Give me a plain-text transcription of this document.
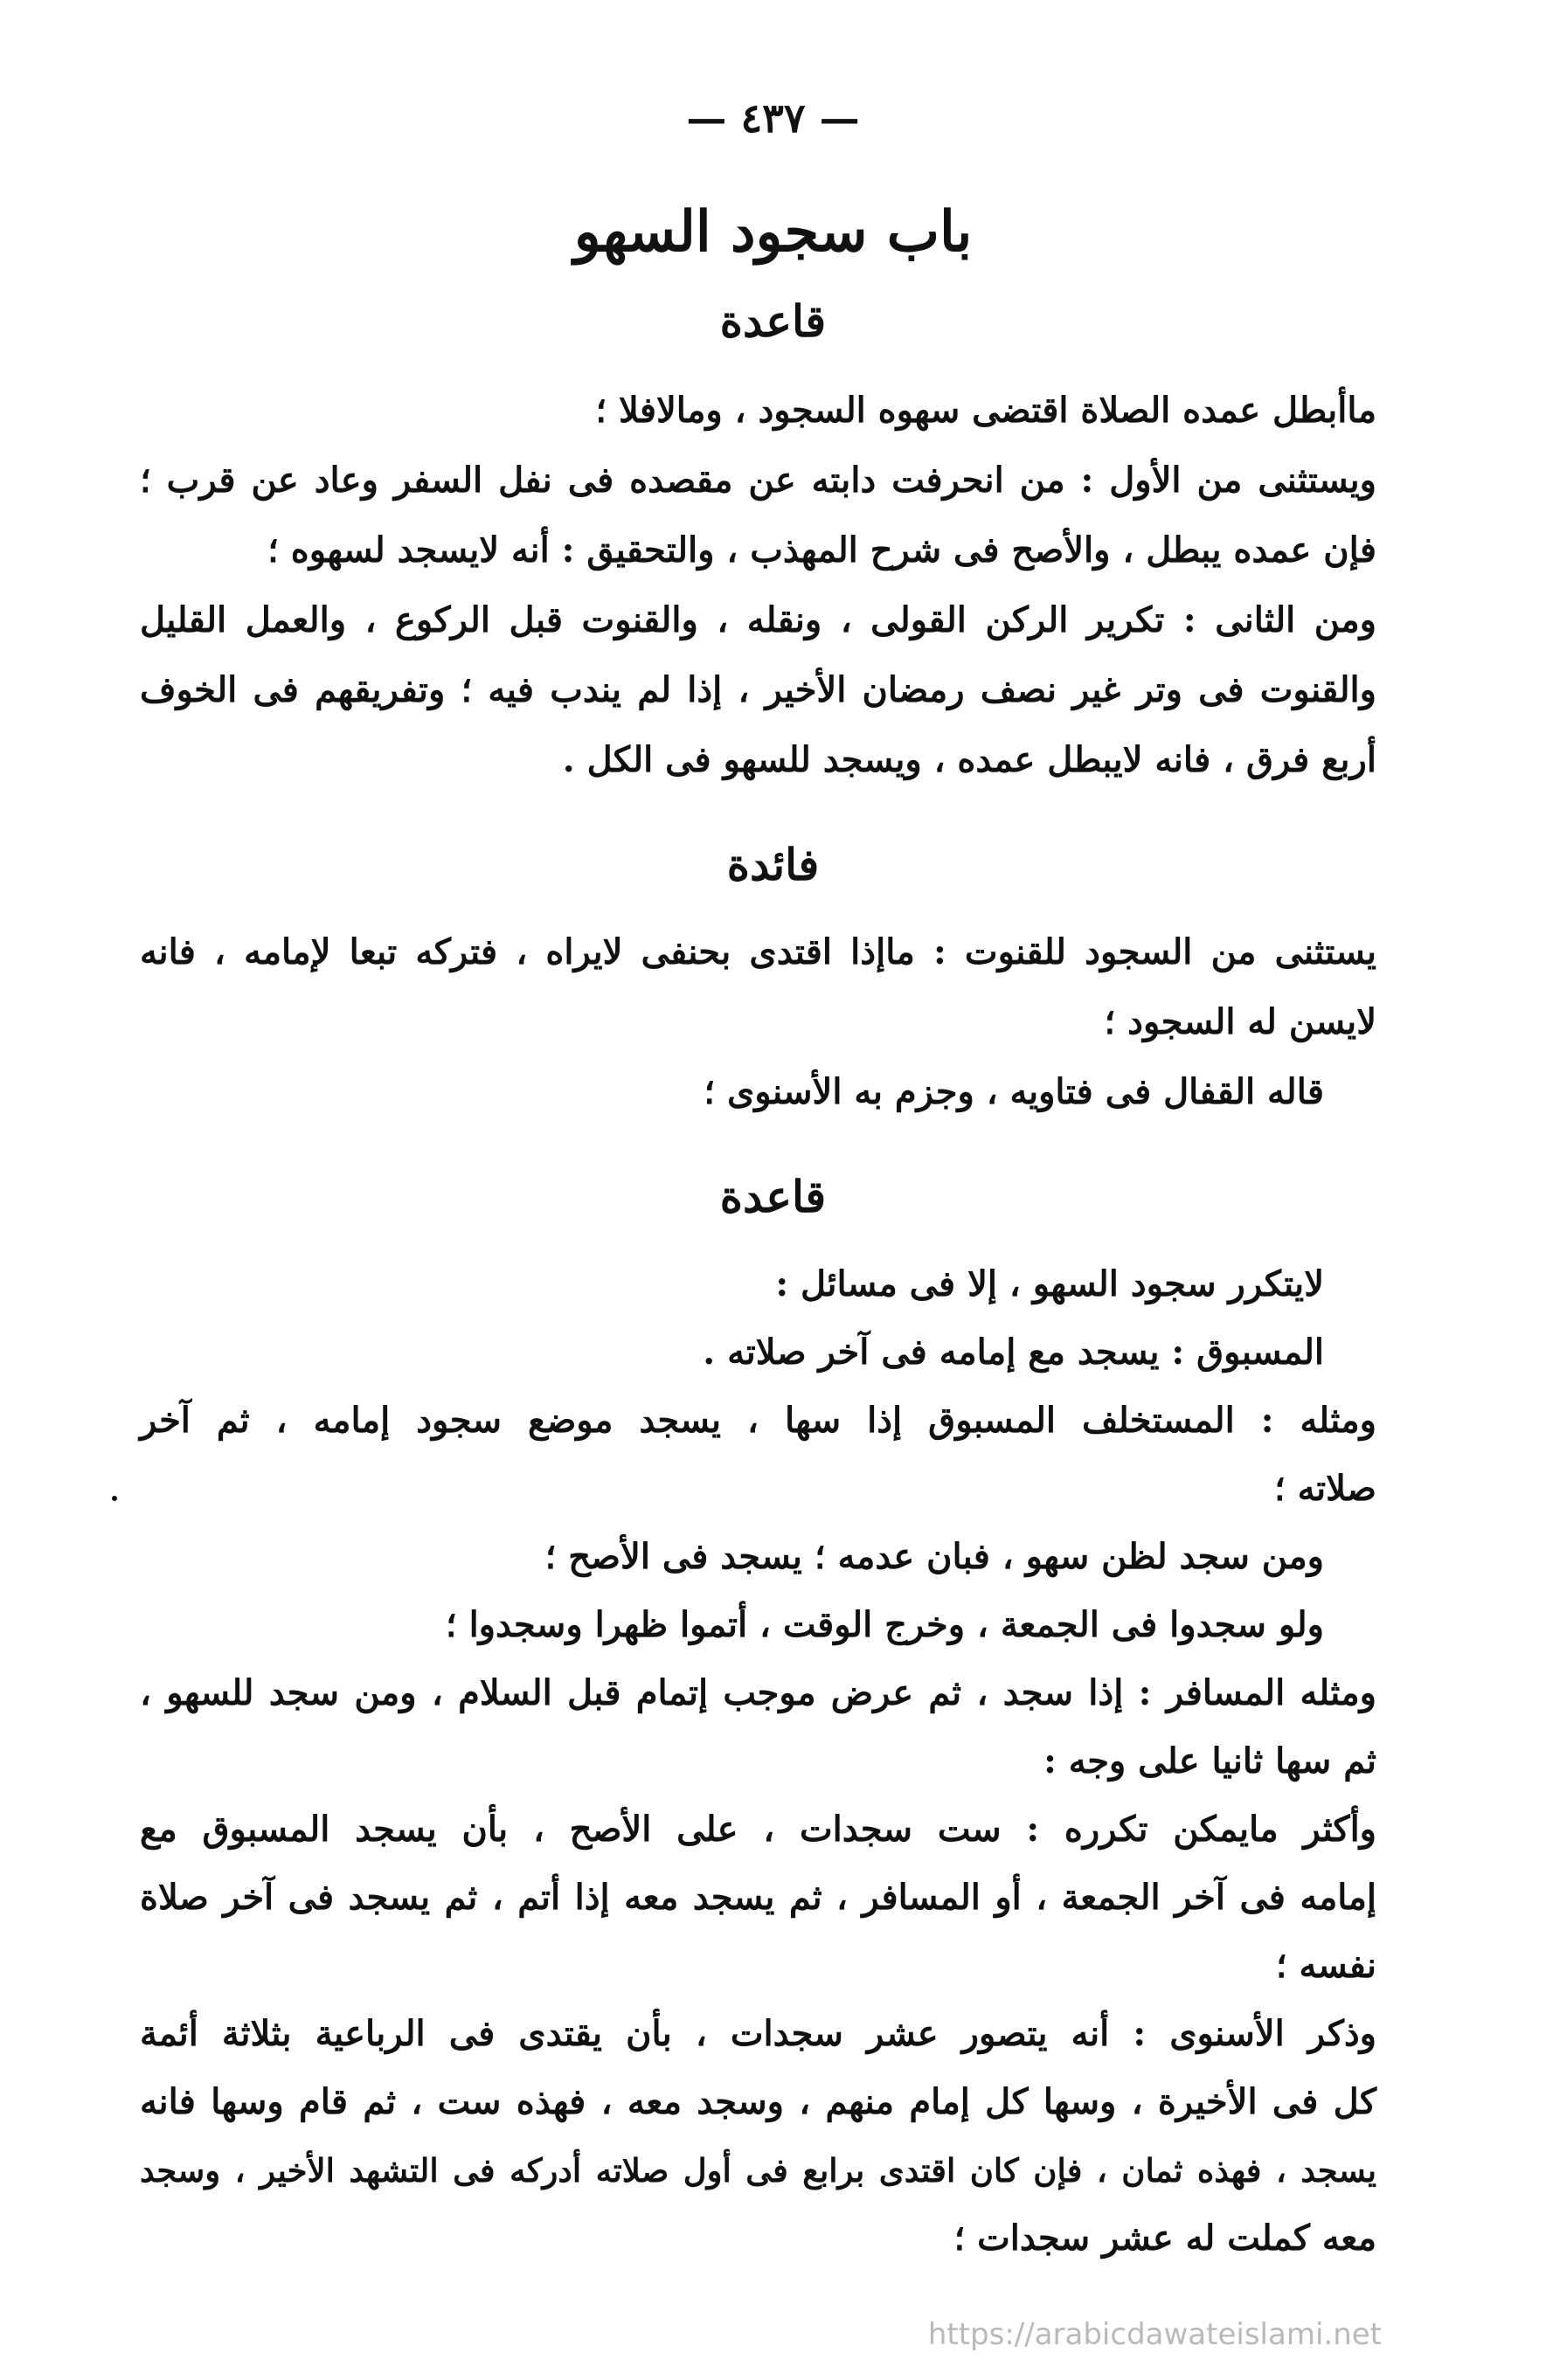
— ٤٣٧ —
باب سجود السهو
قاعدة
ماأبطل عمده الصلاة اقتضى سهوه السجود ، ومالافلا ؛
ويستثنى من الأول : من انحرفت دابته عن مقصده فى نفل السفر وعاد عن قرب ؛
فإن عمده يبطل ، والأصح فى شرح المهذب ، والتحقيق : أنه لايسجد لسهوه ؛
ومن الثانى : تكرير الركن القولى ، ونقله ، والقنوت قبل الركوع ، والعمل القليل
والقنوت فى وتر غير نصف رمضان الأخير ، إذا لم يندب فيه ؛ وتفريقهم فى الخوف
أربع فرق ، فانه لايبطل عمده ، ويسجد للسهو فى الكل .
فائدة
يستثنى من السجود للقنوت : ماإذا اقتدى بحنفى لايراه ، فتركه تبعا لإمامه ، فانه
لايسن له السجود ؛
قاله القفال فى فتاويه ، وجزم به الأسنوى ؛
قاعدة
لايتكرر سجود السهو ، إلا فى مسائل :
المسبوق : يسجد مع إمامه فى آخر صلاته .
ومثله : المستخلف المسبوق إذا سها ، يسجد موضع سجود إمامه ، ثم آخر
صلاته ؛
ومن سجد لظن سهو ، فبان عدمه ؛ يسجد فى الأصح ؛
ولو سجدوا فى الجمعة ، وخرج الوقت ، أتموا ظهرا وسجدوا ؛
ومثله المسافر : إذا سجد ، ثم عرض موجب إتمام قبل السلام ، ومن سجد للسهو ،
ثم سها ثانيا على وجه :
وأكثر مايمكن تكرره : ست سجدات ، على الأصح ، بأن يسجد المسبوق مع
إمامه فى آخر الجمعة ، أو المسافر ، ثم يسجد معه إذا أتم ، ثم يسجد فى آخر صلاة
نفسه ؛
وذكر الأسنوى : أنه يتصور عشر سجدات ، بأن يقتدى فى الرباعية بثلاثة أئمة
كل فى الأخيرة ، وسها كل إمام منهم ، وسجد معه ، فهذه ست ، ثم قام وسها فانه
يسجد ، فهذه ثمان ، فإن كان اقتدى برابع فى أول صلاته أدركه فى التشهد الأخير ، وسجد
معه كملت له عشر سجدات ؛
https://arabicdawateislami.net
